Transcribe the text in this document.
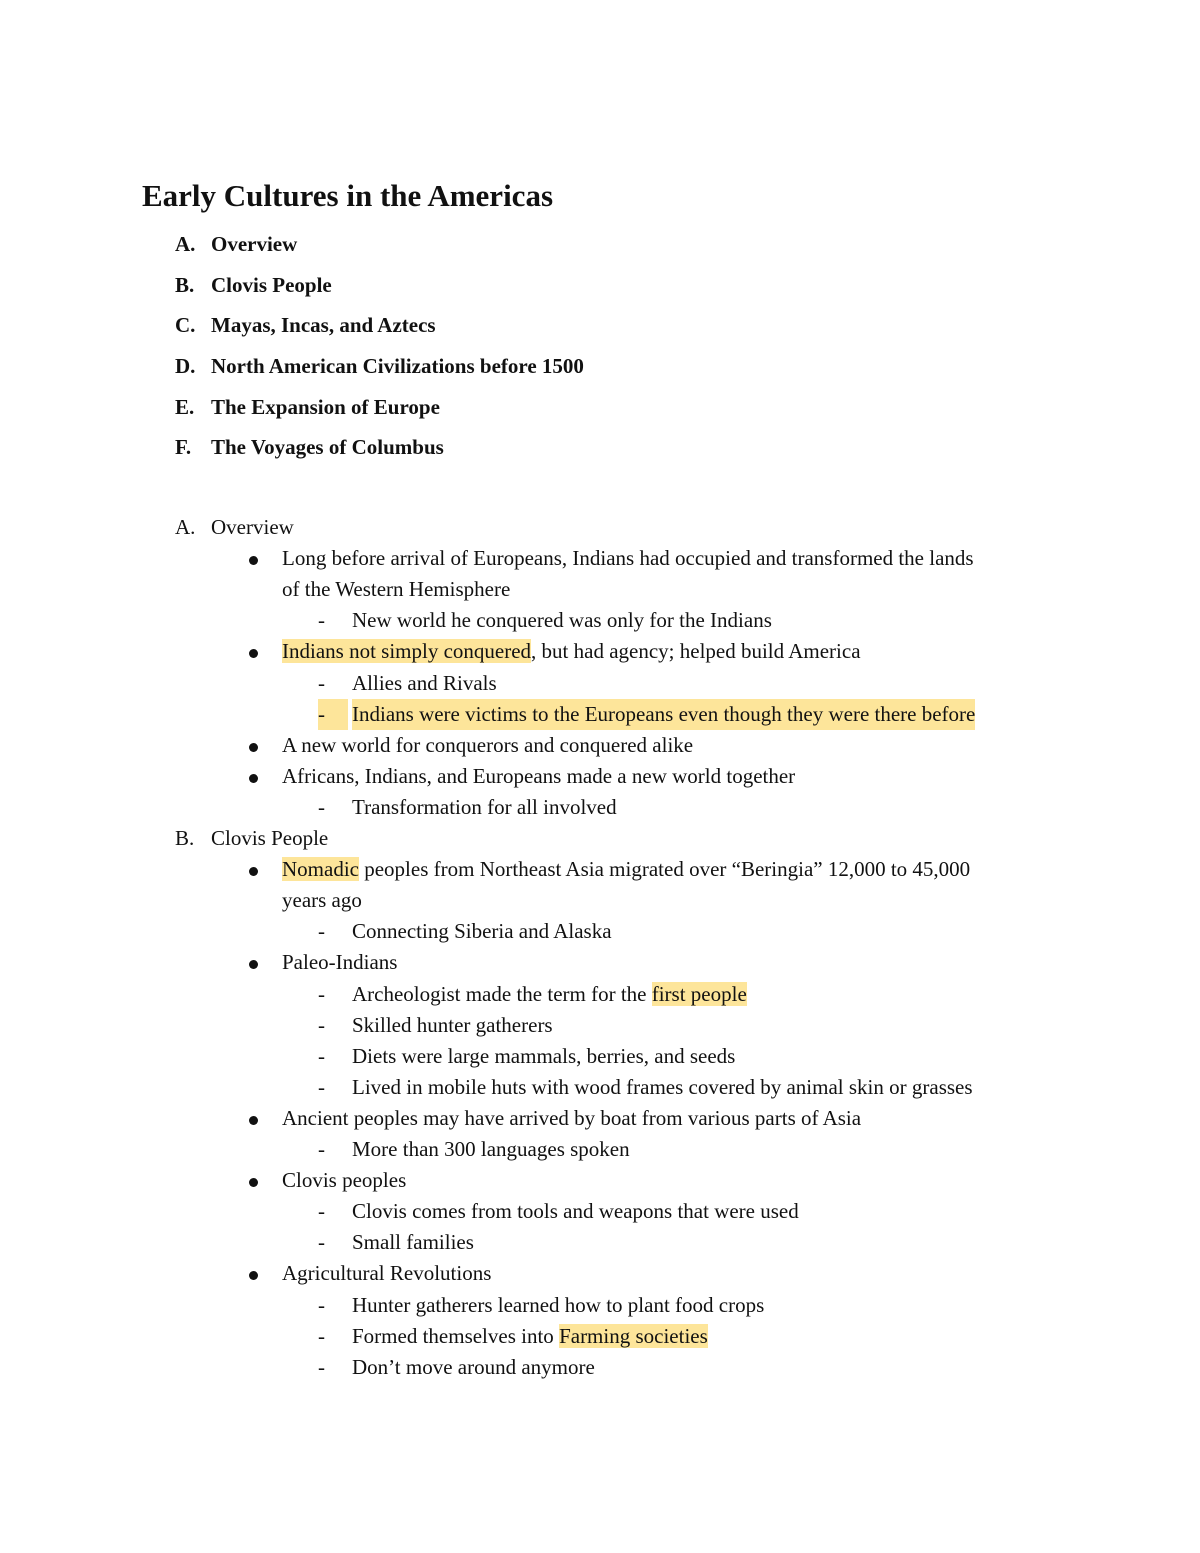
Early Cultures in the Americas
A. Overview
B. Clovis People
C. Mayas, Incas, and Aztecs
D. North American Civilizations before 1500
E. The Expansion of Europe
F. The Voyages of Columbus
A. Overview
Long before arrival of Europeans, Indians had occupied and transformed the lands
of the Western Hemisphere
- New world he conquered was only for the Indians
Indians not simply conquered, but had agency; helped build America
- Allies and Rivals
-	Indians were victims to the Europeans even though they were there before
A new world for conquerors and conquered alike
Africans, Indians, and Europeans made a new world together
- Transformation for all involved
B. Clovis People
Nomadic peoples from Northeast Asia migrated over “Beringia” 12,000 to 45,000
years ago
- Connecting Siberia and Alaska
Paleo-Indians
- Archeologist made the term for the first people
- Skilled hunter gatherers
- Diets were large mammals, berries, and seeds
- Lived in mobile huts with wood frames covered by animal skin or grasses
Ancient peoples may have arrived by boat from various parts of Asia
- More than 300 languages spoken
Clovis peoples
- Clovis comes from tools and weapons that were used
- Small families
Agricultural Revolutions
- Hunter gatherers learned how to plant food crops
- Formed themselves into Farming societies
- Don’t move around anymore
